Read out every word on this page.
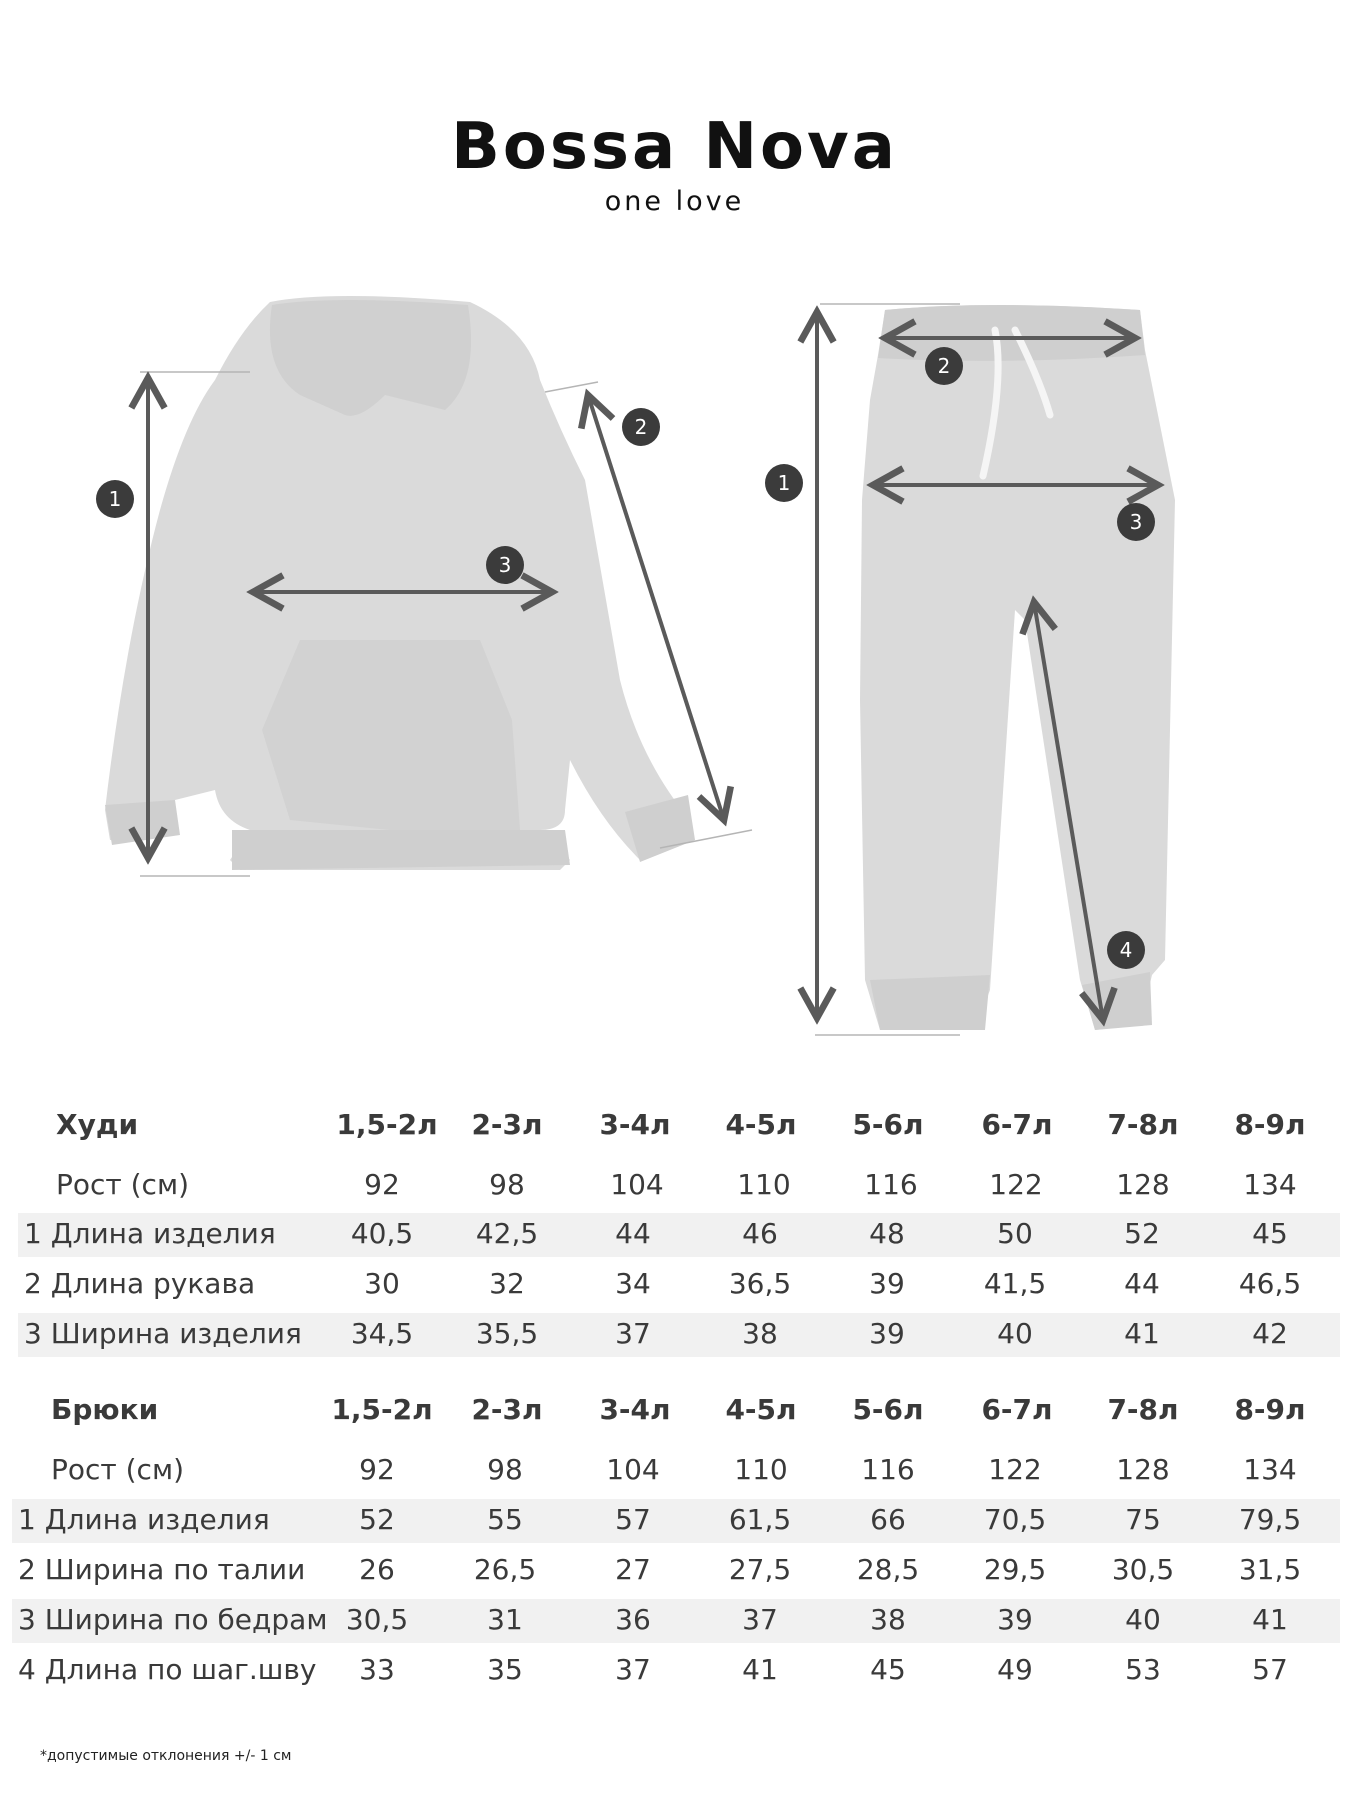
Bossa Nova
one love
1
2
3
1
2
3
4
Худи	1,5-2л	2-3л	3-4л	4-5л	5-6л	6-7л	7-8л	8-9л
Рост (см)	92	98	104	110	116	122	128	134
1 Длина изделия	40,5	42,5	44	46	48	50	52	45
2 Длина рукава	30	32	34	36,5	39	41,5	44	46,5
3 Ширина изделия	34,5	35,5	37	38	39	40	41	42
Брюки	1,5-2л	2-3л	3-4л	4-5л	5-6л	6-7л	7-8л	8-9л
Рост (см)	92	98	104	110	116	122	128	134
1 Длина изделия	52	55	57	61,5	66	70,5	75	79,5
2 Ширина по талии	26	26,5	27	27,5	28,5	29,5	30,5	31,5
3 Ширина по бедрам 30,5	31	36	37	38	39	40	41
4 Длина по шаг.шву	33	35	37	41	45	49	53	57
*допустимые отклонения +/- 1 см
